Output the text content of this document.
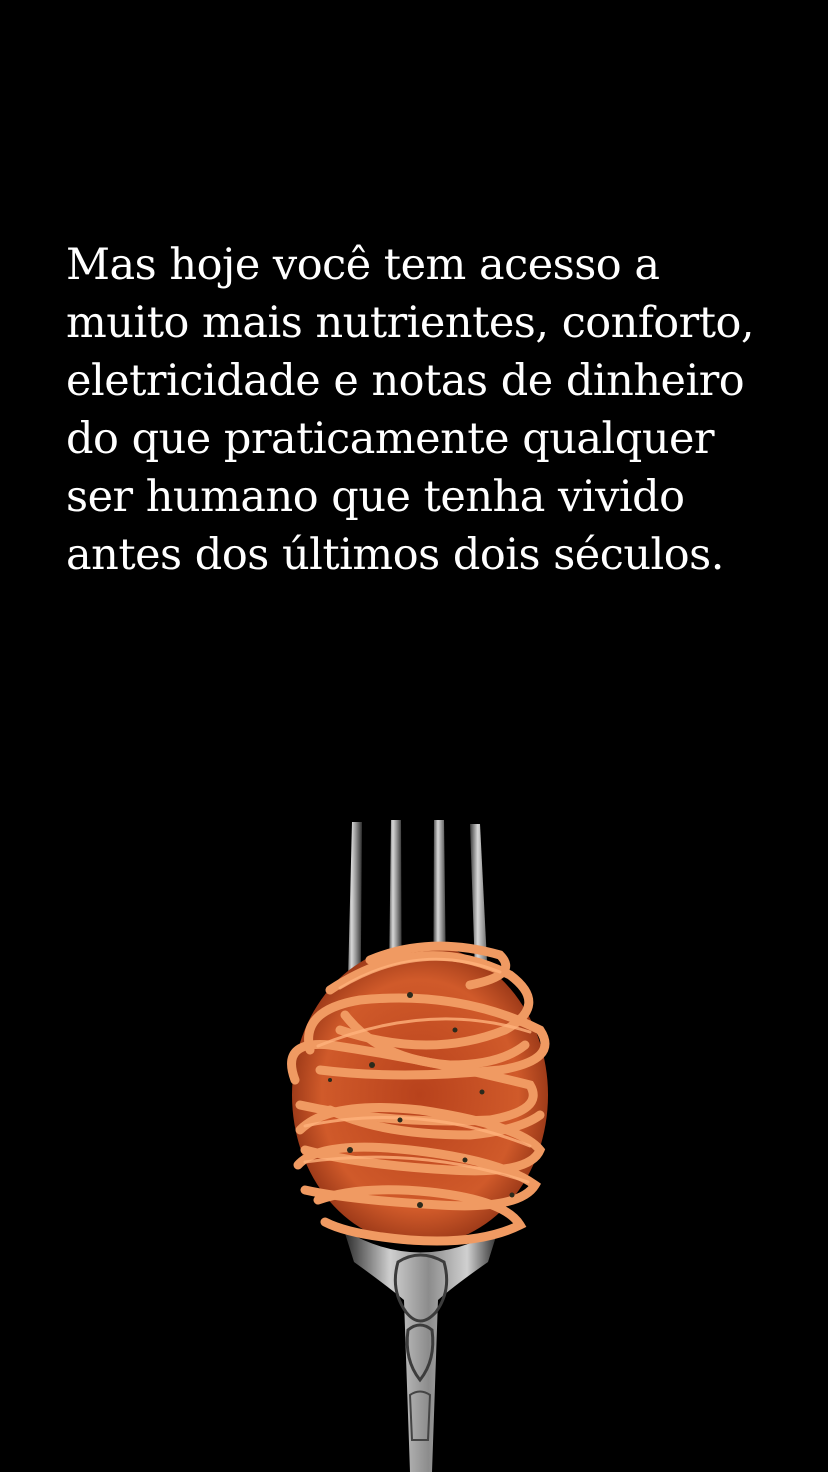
Mas hoje você tem acesso a
muito mais nutrientes, conforto,
eletricidade e notas de dinheiro
do que praticamente qualquer
ser humano que tenha vivido
antes dos últimos dois séculos.
